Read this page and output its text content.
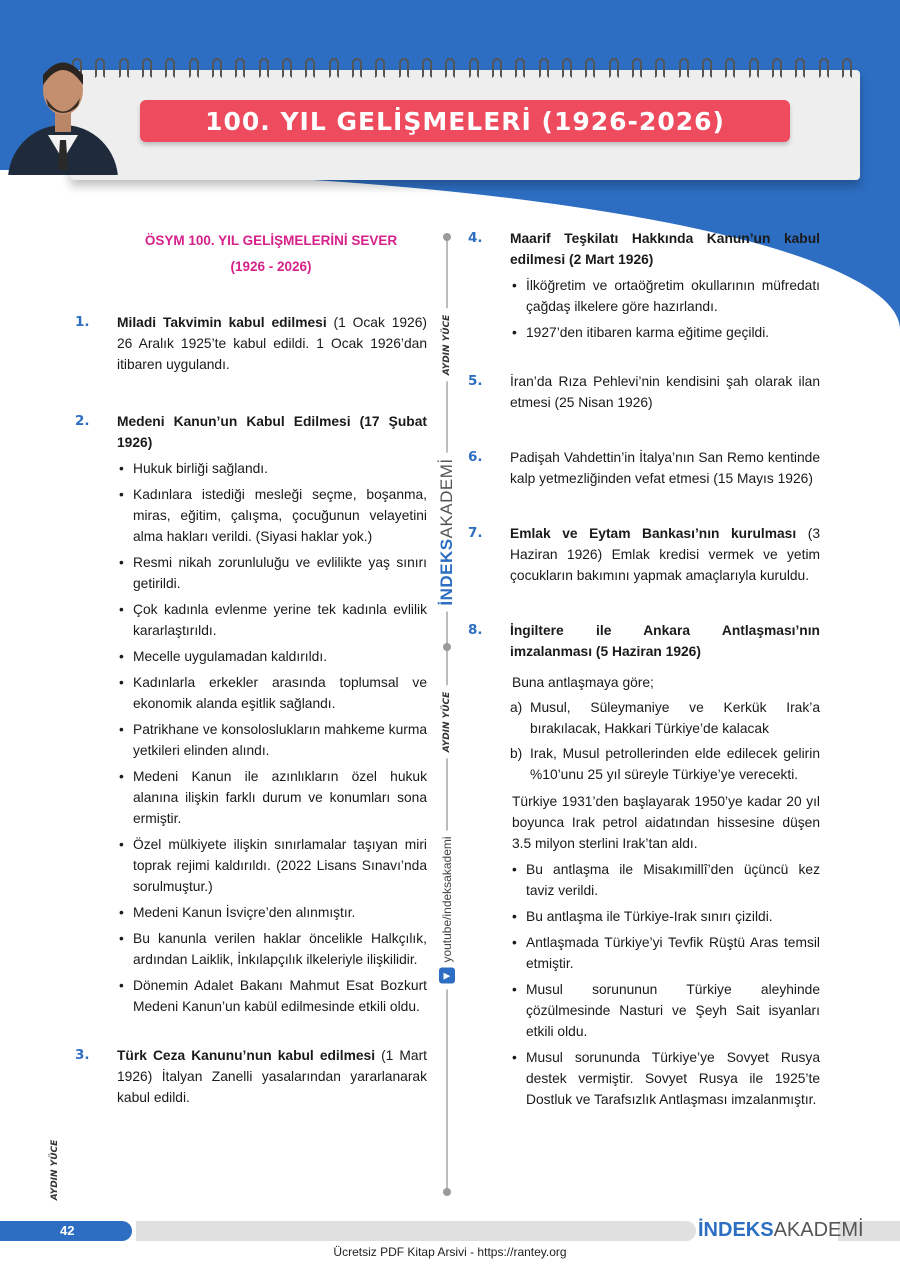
100. YIL GELİŞMELERİ (1926-2026)
AYDIN YÜCE
İNDEKSAKADEMİ
AYDIN YÜCE
▶
youtube/indeksakademi
ÖSYM 100. YIL GELİŞMELERİNİ SEVER
(1926 - 2026)
1.	Miladi Takvimin kabul edilmesi (1 Ocak 1926) 26 Aralık 1925’te kabul edildi. 1 Ocak 1926’dan itibaren uygulandı.
2.	Medeni Kanun’un Kabul Edilmesi (17 Şubat 1926)
• Hukuk birliği sağlandı.
• Kadınlara istediği mesleği seçme, boşanma, miras, eğitim, çalışma, çocuğunun velayetini alma hakları verildi. (Siyasi haklar yok.)
• Resmi nikah zorunluluğu ve evlilikte yaş sınırı getirildi.
• Çok kadınla evlenme yerine tek kadınla evlilik kararlaştırıldı.
• Mecelle uygulamadan kaldırıldı.
• Kadınlarla erkekler arasında toplumsal ve ekonomik alanda eşitlik sağlandı.
• Patrikhane ve konsoloslukların mahkeme kurma yetkileri elinden alındı.
• Medeni Kanun ile azınlıkların özel hukuk alanına ilişkin farklı durum ve konumları sona ermiştir.
• Özel mülkiyete ilişkin sınırlamalar taşıyan miri toprak rejimi kaldırıldı. (2022 Lisans Sınavı’nda sorulmuştur.)
• Medeni Kanun İsviçre’den alınmıştır.
• Bu kanunla verilen haklar öncelikle Halkçılık, ardından Laiklik, İnkılapçılık ilkeleriyle ilişkilidir.
• Dönemin Adalet Bakanı Mahmut Esat Bozkurt Medeni Kanun’un kabül edilmesinde etkili oldu.
3.	Türk Ceza Kanunu’nun kabul edilmesi (1 Mart 1926) İtalyan Zanelli yasalarından yararlanarak kabul edildi.
4.	Maarif Teşkilatı Hakkında Kanun’un kabul edilmesi (2 Mart 1926)
• İlköğretim ve ortaöğretim okullarının müfredatı çağdaş ilkelere göre hazırlandı.
• 1927’den itibaren karma eğitime geçildi.
5.	İran’da Rıza Pehlevi’nin kendisini şah olarak ilan etmesi (25 Nisan 1926)
6.	Padişah Vahdettin’in İtalya’nın San Remo kentinde kalp yetmezliğinden vefat etmesi (15 Mayıs 1926)
7.	Emlak ve Eytam Bankası’nın kurulması (3 Haziran 1926) Emlak kredisi vermek ve yetim çocukların bakımını yapmak amaçlarıyla kuruldu.
8.	İngiltere ile Ankara Antlaşması’nın imzalanması (5 Haziran 1926)
Buna antlaşmaya göre;
a) Musul, Süleymaniye ve Kerkük Irak’a bırakılacak, Hakkari Türkiye’de kalacak
b) Irak, Musul petrollerinden elde edilecek gelirin %10’unu 25 yıl süreyle Türkiye’ye verecekti.
Türkiye 1931’den başlayarak 1950’ye kadar 20 yıl boyunca Irak petrol aidatından hissesine düşen 3.5 milyon sterlini Irak’tan aldı.
• Bu antlaşma ile Misakımillî’den üçüncü kez taviz verildi.
• Bu antlaşma ile Türkiye-Irak sınırı çizildi.
• Antlaşmada Türkiye’yi Tevfik Rüştü Aras temsil etmiştir.
• Musul sorununun Türkiye aleyhinde çözülmesinde Nasturi ve Şeyh Sait isyanları etkili oldu.
• Musul sorununda Türkiye’ye Sovyet Rusya destek vermiştir. Sovyet Rusya ile 1925’te Dostluk ve Tarafsızlık Antlaşması imzalanmıştır.
AYDIN YÜCE
42	İNDEKSAKADEMİ
Ücretsiz PDF Kitap Arsivi - https://rantey.org
